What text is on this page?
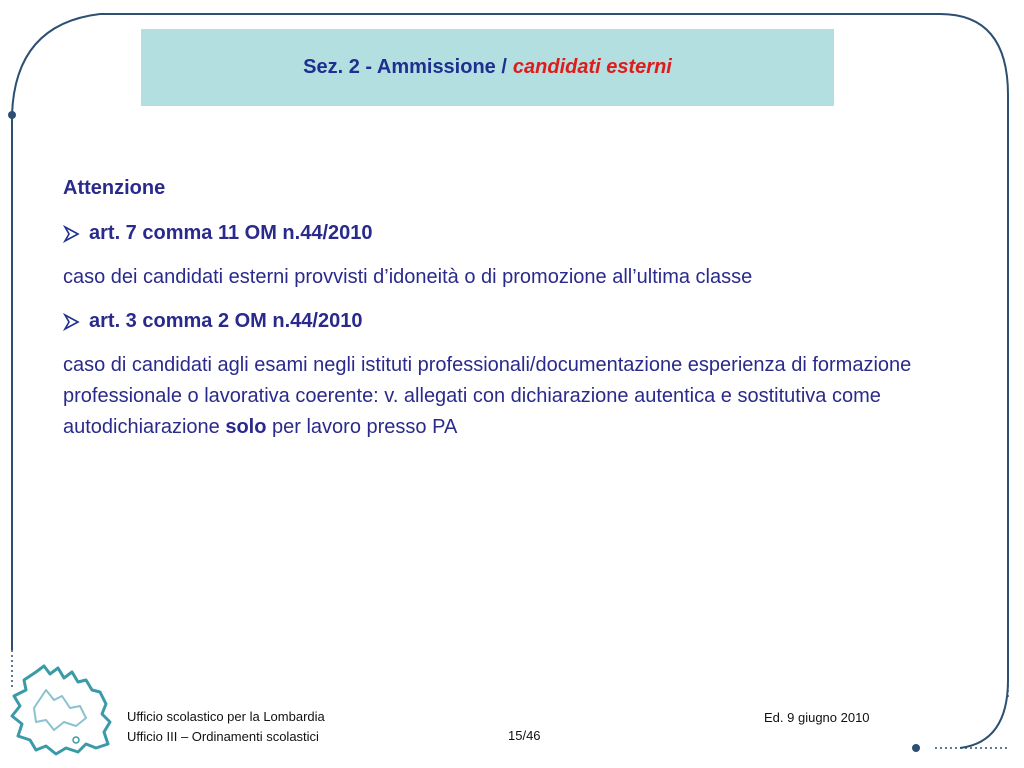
Sez. 2 - Ammissione / candidati esterni

Attenzione

art. 7 comma 11 OM n.44/2010

caso dei candidati esterni provvisti d’idoneità o di promozione all’ultima classe

art. 3 comma 2 OM n.44/2010

caso di candidati agli esami negli istituti professionali/documentazione esperienza di formazione professionale o lavorativa coerente: v. allegati con dichiarazione autentica e sostitutiva come autodichiarazione solo per lavoro presso PA

Ufficio scolastico per la Lombardia

Ufficio III – Ordinamenti scolastici	15/46
Ed. 9 giugno 2010
